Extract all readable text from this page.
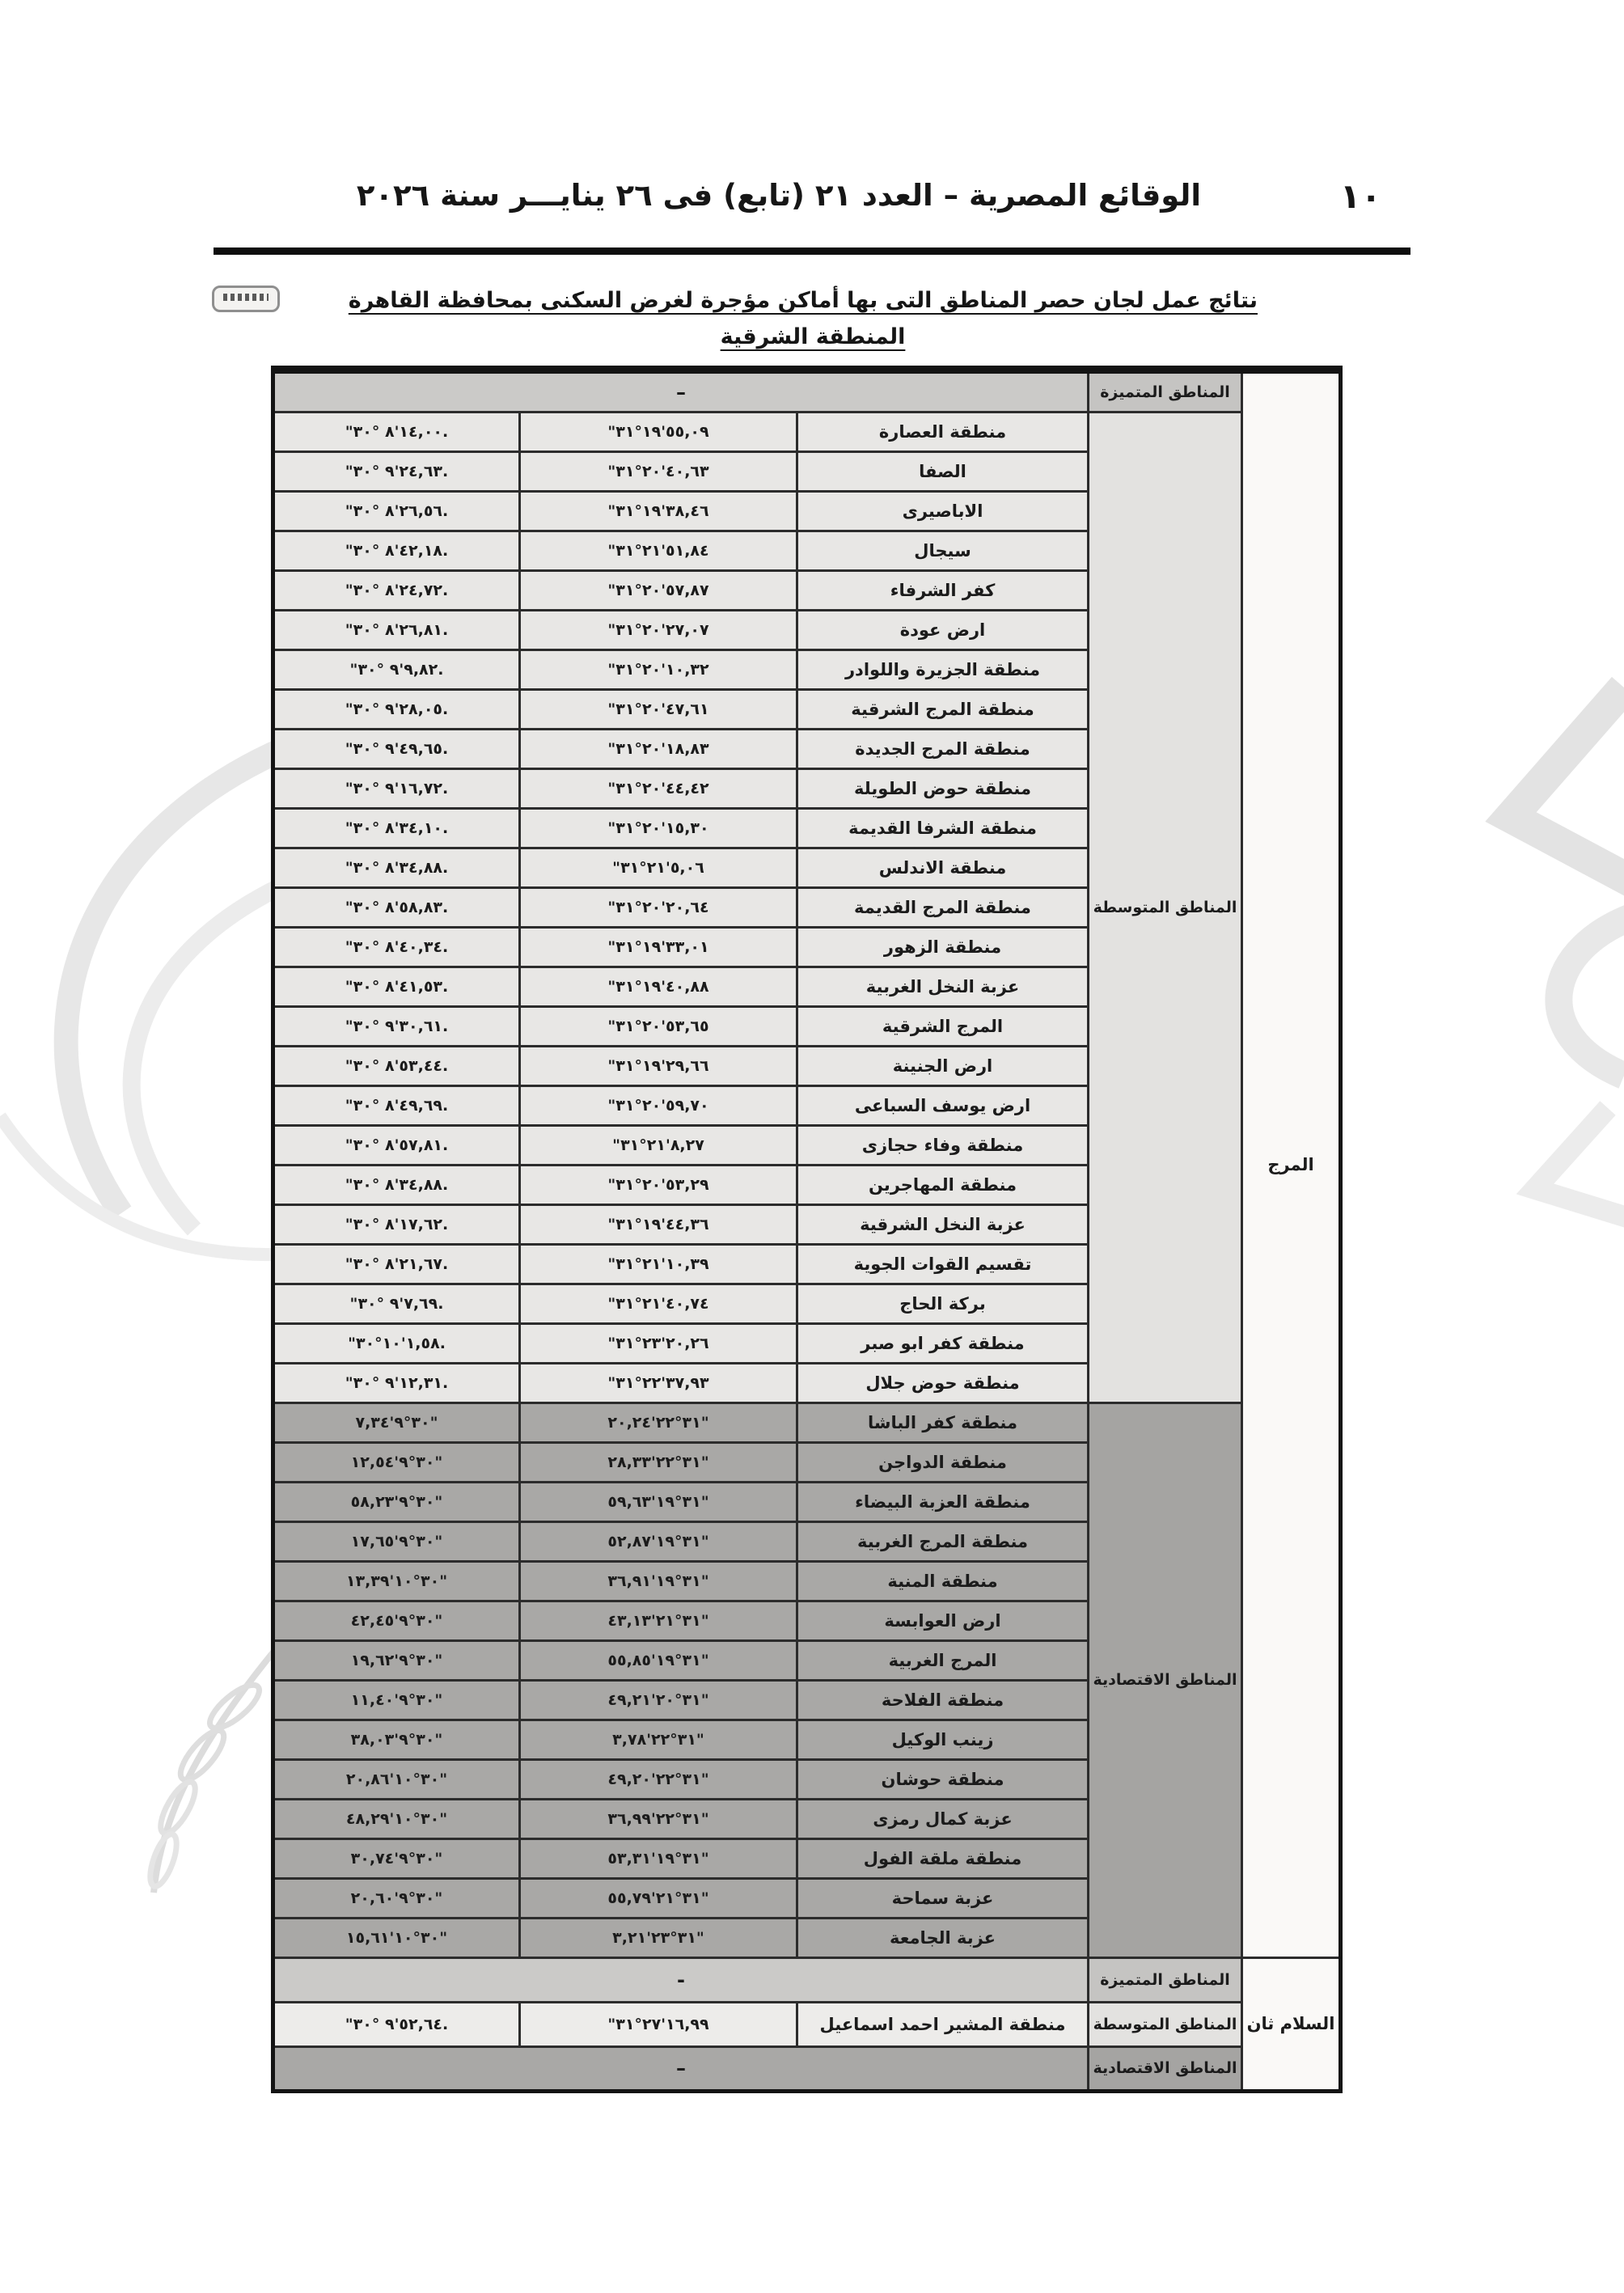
١٠
الوقائع المصرية – العدد ٢١ (تابع) فى ٢٦ ينايـــر سنة ٢٠٢٦
نتائج عمل لجان حصر المناطق التى بها أماكن مؤجرة لغرض السكنى بمحافظة القاهرة
المنطقة الشرقية
المرج	المناطق المتميزة	–		
	المناطق المتوسطة	منطقة العصارة	"٥٥,٠٩'١٩°٣١	"١٤,٠٠'٨ °٣٠.
		الصفا	"٤٠,٦٣'٢٠°٣١	"٢٤,٦٣'٩ °٣٠.
		الاباصيرى	"٣٨,٤٦'١٩°٣١	"٢٦,٥٦'٨ °٣٠.
		سيجال	"٥١,٨٤'٢١°٣١	"٤٢,١٨'٨ °٣٠.
		كفر الشرفاء	"٥٧,٨٧'٢٠°٣١	"٢٤,٧٢'٨ °٣٠.
		ارض عودة	"٢٧,٠٧'٢٠°٣١	"٢٦,٨١'٨ °٣٠.
		منطقة الجزيرة واللوادر	"١٠,٣٢'٢٠°٣١	"٩,٨٢'٩ °٣٠.
		منطقة المرج الشرقية	"٤٧,٦١'٢٠°٣١	"٢٨,٠٥'٩ °٣٠.
		منطقة المرج الجديدة	"١٨,٨٣'٢٠°٣١	"٤٩,٦٥'٩ °٣٠.
		منطقة حوض الطويلة	"٤٤,٤٢'٢٠°٣١	"١٦,٧٢'٩ °٣٠.
		منطقة الشرفا القديمة	"١٥,٣٠'٢٠°٣١	"٣٤,١٠'٨ °٣٠.
		منطقة الاندلس	"٥,٠٦'٢١°٣١	"٣٤,٨٨'٨ °٣٠.
		منطقة المرج القديمة	"٢٠,٦٤'٢٠°٣١	"٥٨,٨٣'٨ °٣٠.
		منطقة الزهور	"٣٣,٠١'١٩°٣١	"٤٠,٣٤'٨ °٣٠.
		عزبة النخل الغربية	"٤٠,٨٨'١٩°٣١	"٤١,٥٣'٨ °٣٠.
		المرج الشرقية	"٥٣,٦٥'٢٠°٣١	"٣٠,٦١'٩ °٣٠.
		ارض الجنينة	"٢٩,٦٦'١٩°٣١	"٥٣,٤٤'٨ °٣٠.
		ارض يوسف السباعى	"٥٩,٧٠'٢٠°٣١	"٤٩,٦٩'٨ °٣٠.
		منطقة وفاء حجازى	"٨,٢٧'٢١°٣١	"٥٧,٨١'٨ °٣٠.
		منطقة المهاجرين	"٥٣,٢٩'٢٠°٣١	"٣٤,٨٨'٨ °٣٠.
		عزبة النخل الشرقية	"٤٤,٣٦'١٩°٣١	"١٧,٦٢'٨ °٣٠.
		تقسيم القوات الجوية	"١٠,٣٩'٢١°٣١	"٢١,٦٧'٨ °٣٠.
		بركة الحاج	"٤٠,٧٤'٢١°٣١	"٧,٦٩'٩ °٣٠.
		منطقة كفر ابو صبر	"٢٠,٢٦'٢٣°٣١	"١,٥٨'١٠°٣٠.
		منطقة حوض جلال	"٣٧,٩٣'٢٢°٣١	"١٢,٣١'٩ °٣٠.
	المناطق الاقتصادية	منطقة كفر الباشا	٣١°٢٢'٢٠,٢٤"	٣٠°٩'٧,٣٤"
		منطقة الدواجن	٣١°٢٢'٢٨,٣٣"	٣٠°٩'١٢,٥٤"
		منطقة العزبة البيضاء	٣١°١٩'٥٩,٦٣"	٣٠°٩'٥٨,٢٣"
		منطقة المرج الغربية	٣١°١٩'٥٢,٨٧"	٣٠°٩'١٧,٦٥"
		منطقة المنية	٣١°١٩'٣٦,٩١"	٣٠°١٠'١٣,٣٩"
		ارض العوابسة	٣١°٢١'٤٣,١٣"	٣٠°٩'٤٢,٤٥"
		المرج الغربية	٣١°١٩'٥٥,٨٥"	٣٠°٩'١٩,٦٢"
		منطقة الفلاحة	٣١°٢٠'٤٩,٢١"	٣٠°٩'١١,٤٠"
		زينب الوكيل	٣١°٢٢'٣,٧٨"	٣٠°٩'٣٨,٠٣"
		منطقة حوشان	٣١°٢٢'٤٩,٢٠"	٣٠°١٠'٢٠,٨٦"
		عزبة كمال رمزى	٣١°٢٢'٣٦,٩٩"	٣٠°١٠'٤٨,٢٩"
		منطقة ملقة الفول	٣١°١٩'٥٣,٣١"	٣٠°٩'٣٠,٧٤"
		عزبة سماحة	٣١°٢١'٥٥,٧٩"	٣٠°٩'٢٠,٦٠"
		عزبة الجامعة	٣١°٢٣'٣,٢١"	٣٠°١٠'١٥,٦١"
السلام ثان	المناطق المتميزة	-		
	المناطق المتوسطة	منطقة المشير احمد اسماعيل	"١٦,٩٩'٢٧°٣١	"٥٢,٦٤'٩ °٣٠.
	المناطق الاقتصادية	–		
